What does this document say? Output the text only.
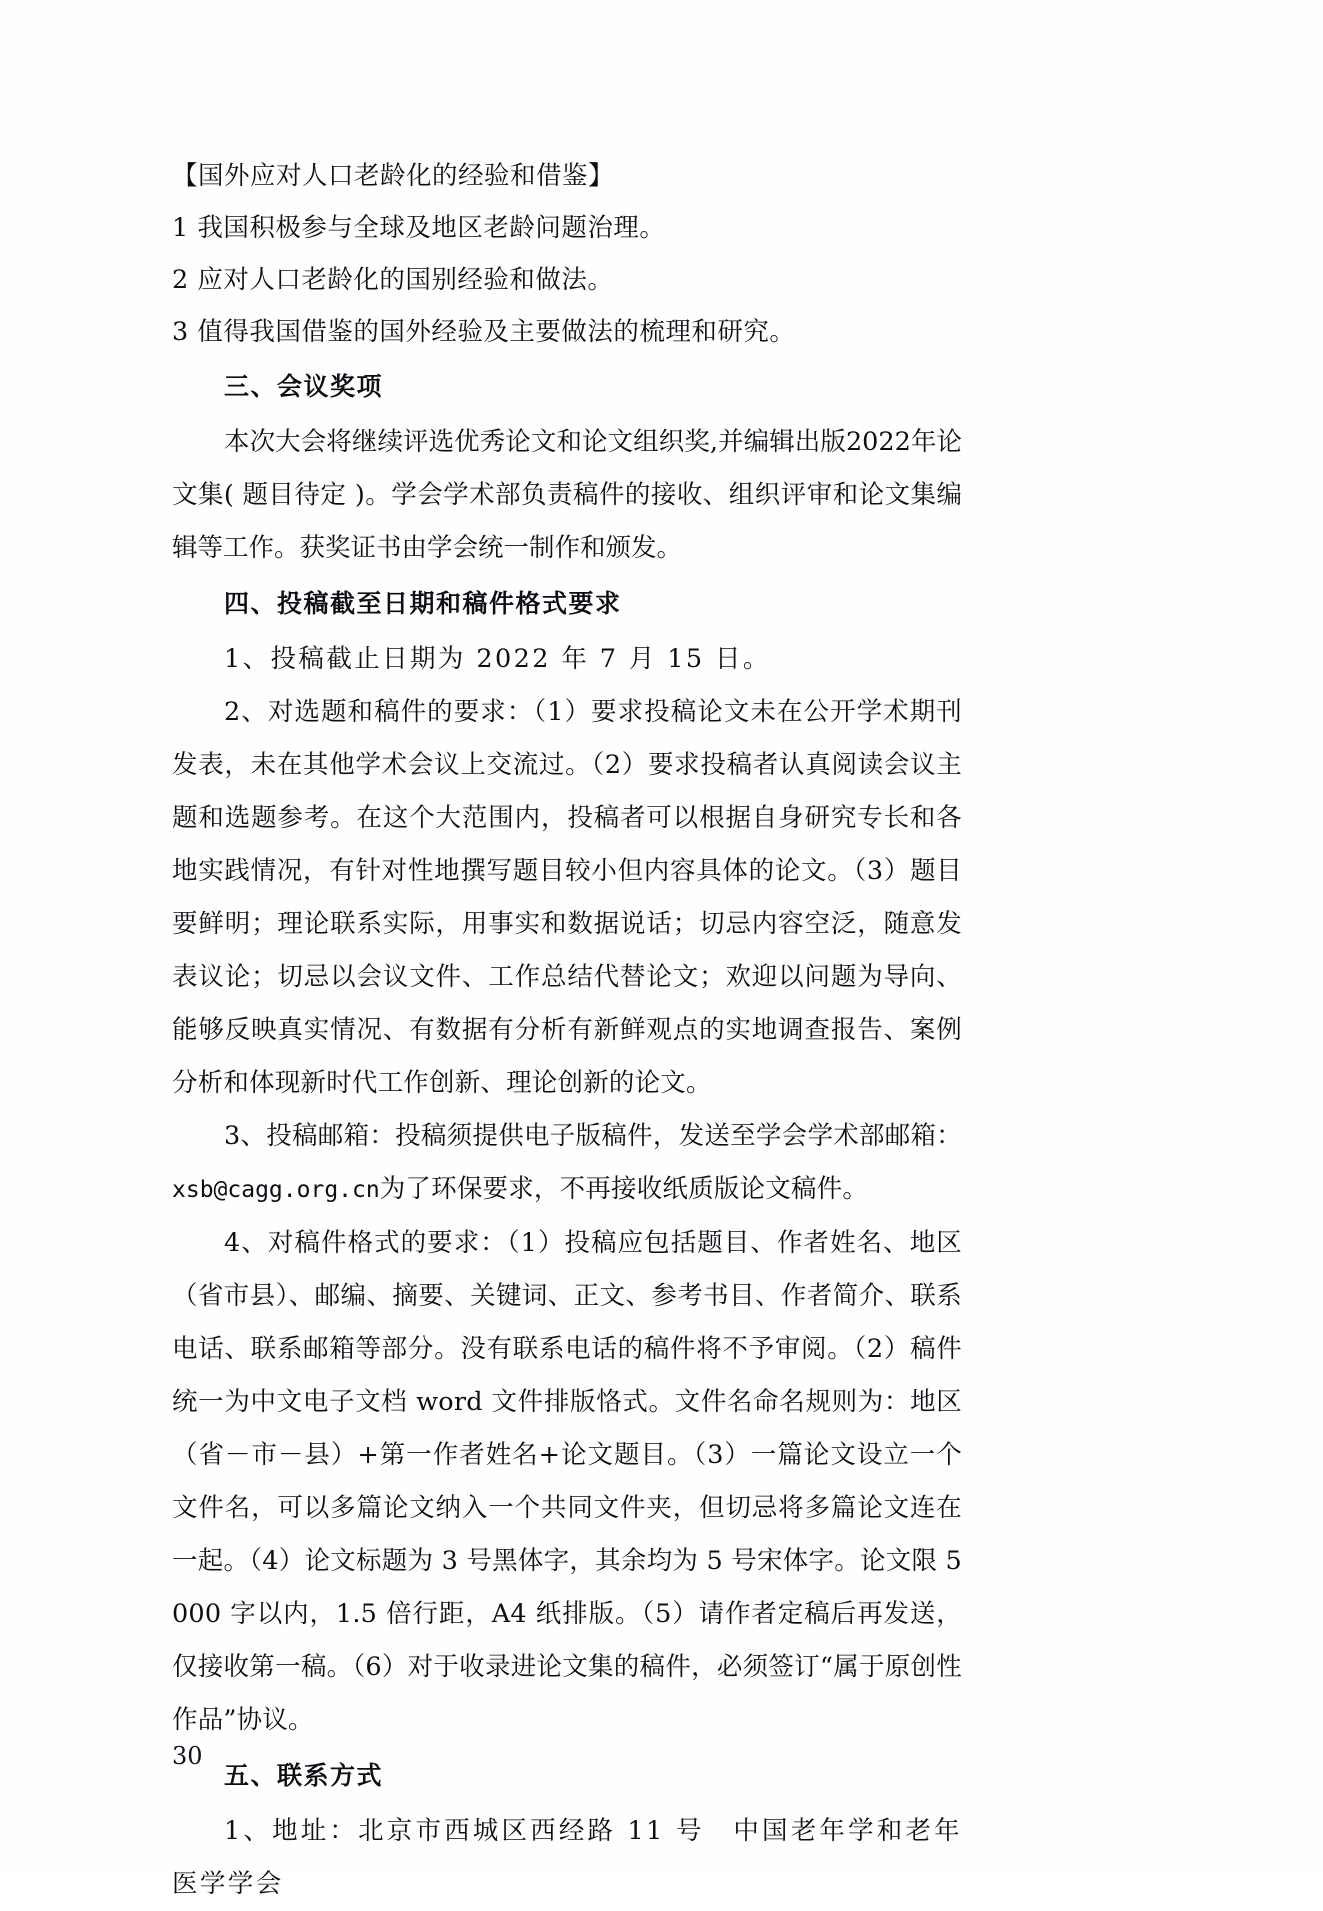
【国外应对人口老龄化的经验和借鉴】

1 我国积极参与全球及地区老龄问题治理。

2 应对人口老龄化的国别经验和做法。

3 值得我国借鉴的国外经验及主要做法的梳理和研究。

三、会议奖项

本次大会将继续评选优秀论文和论文组织奖,并编辑出版2022年论文集( 题目待定 )。学会学术部负责稿件的接收、组织评审和论文集编辑等工作。获奖证书由学会统一制作和颁发。

四、投稿截至日期和稿件格式要求

1、投稿截止日期为 2022 年 7 月 15 日。

2、对选题和稿件的要求：（1）要求投稿论文未在公开学术期刊发表，未在其他学术会议上交流过。（2）要求投稿者认真阅读会议主题和选题参考。在这个大范围内，投稿者可以根据自身研究专长和各地实践情况，有针对性地撰写题目较小但内容具体的论文。（3）题目要鲜明；理论联系实际，用事实和数据说话；切忌内容空泛，随意发表议论；切忌以会议文件、工作总结代替论文；欢迎以问题为导向、能够反映真实情况、有数据有分析有新鲜观点的实地调查报告、案例分析和体现新时代工作创新、理论创新的论文。

3、投稿邮箱：投稿须提供电子版稿件，发送至学会学术部邮箱：xsb@cagg.org.cn为了环保要求，不再接收纸质版论文稿件。

4、对稿件格式的要求：（1）投稿应包括题目、作者姓名、地区（省市县）、邮编、摘要、关键词、正文、参考书目、作者简介、联系电话、联系邮箱等部分。没有联系电话的稿件将不予审阅。（2）稿件统一为中文电子文档 word 文件排版恪式。文件名命名规则为：地区（省－市－县）+第一作者姓名+论文题目。（3）一篇论文设立一个文件名，可以多篇论文纳入一个共同文件夹，但切忌将多篇论文连在一起。（4）论文标题为 3 号黑体字，其余均为 5 号宋体字。论文限 5000 字以内，1.5 倍行距，A4 纸排版。（5）请作者定稿后再发送，仅接收第一稿。（6）对于收录进论文集的稿件，必须签订“属于原创性作品”协议。

五、联系方式

1、地址：北京市西城区西经路 11 号　中国老年学和老年医学学会

30
